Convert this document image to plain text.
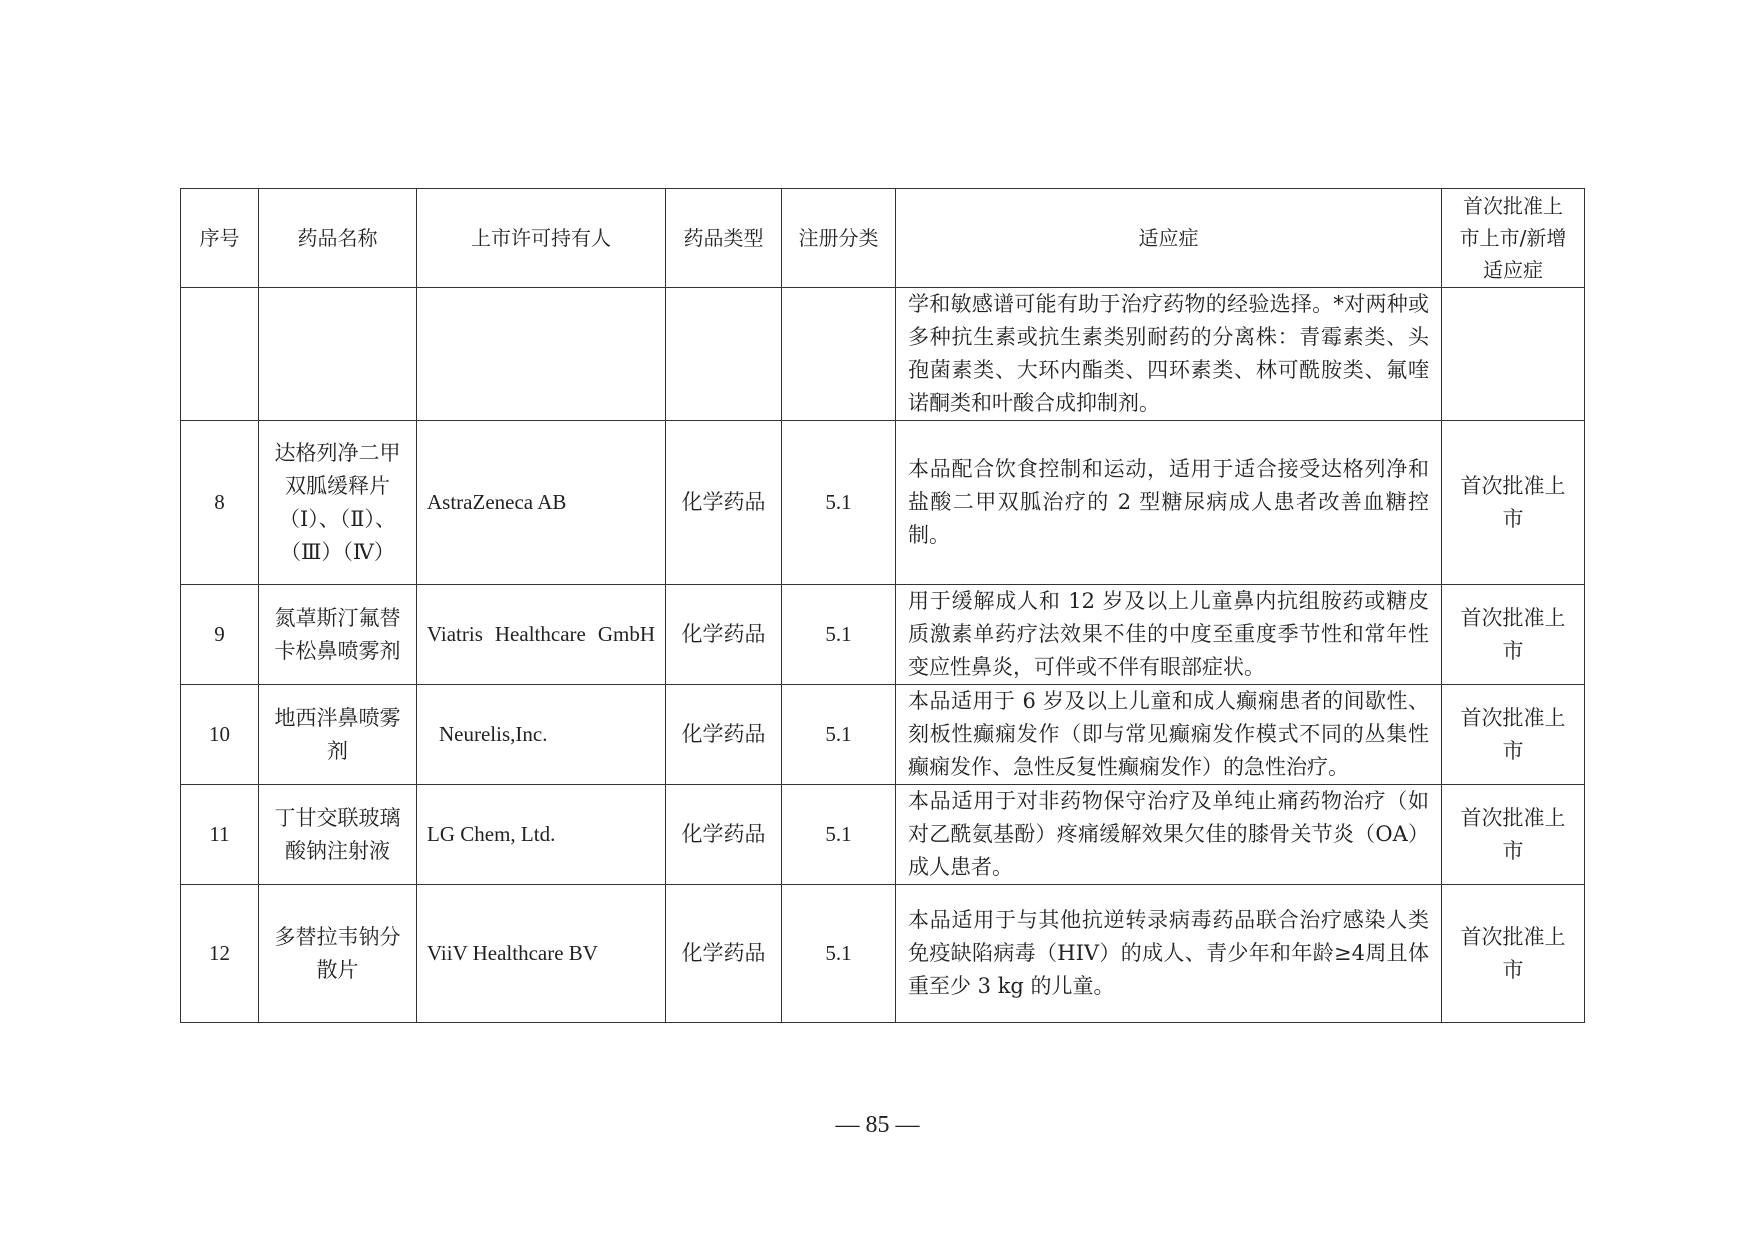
序号	药品名称	上市许可持有人	药品类型	注册分类	适应症	首次批准上市上市/新增适应症
					学和敏感谱可能有助于治疗药物的经验选择。*对两种或多种抗生素或抗生素类别耐药的分离株：青霉素类、头孢菌素类、大环内酯类、四环素类、林可酰胺类、氟喹诺酮类和叶酸合成抑制剂。	
8	达格列净二甲双胍缓释片（Ⅰ）、（Ⅱ）、（Ⅲ）（Ⅳ）	AstraZeneca AB	化学药品	5.1	本品配合饮食控制和运动，适用于适合接受达格列净和盐酸二甲双胍治疗的 2 型糖尿病成人患者改善血糖控制。	首次批准上市
9	氮䓬斯汀氟替卡松鼻喷雾剂	Viatris Healthcare GmbH	化学药品	5.1	用于缓解成人和 12 岁及以上儿童鼻内抗组胺药或糖皮质激素单药疗法效果不佳的中度至重度季节性和常年性变应性鼻炎，可伴或不伴有眼部症状。	首次批准上市
10	地西泮鼻喷雾剂	Neurelis,Inc.	化学药品	5.1	本品适用于 6 岁及以上儿童和成人癫痫患者的间歇性、刻板性癫痫发作（即与常见癫痫发作模式不同的丛集性癫痫发作、急性反复性癫痫发作）的急性治疗。	首次批准上市
11	丁甘交联玻璃酸钠注射液	LG Chem, Ltd.	化学药品	5.1	本品适用于对非药物保守治疗及单纯止痛药物治疗（如对乙酰氨基酚）疼痛缓解效果欠佳的膝骨关节炎（OA）成人患者。	首次批准上市
12	多替拉韦钠分散片	ViiV Healthcare BV	化学药品	5.1	本品适用于与其他抗逆转录病毒药品联合治疗感染人类免疫缺陷病毒（HIV）的成人、青少年和年龄≥4周且体重至少 3 kg 的儿童。	首次批准上市
— 85 —
